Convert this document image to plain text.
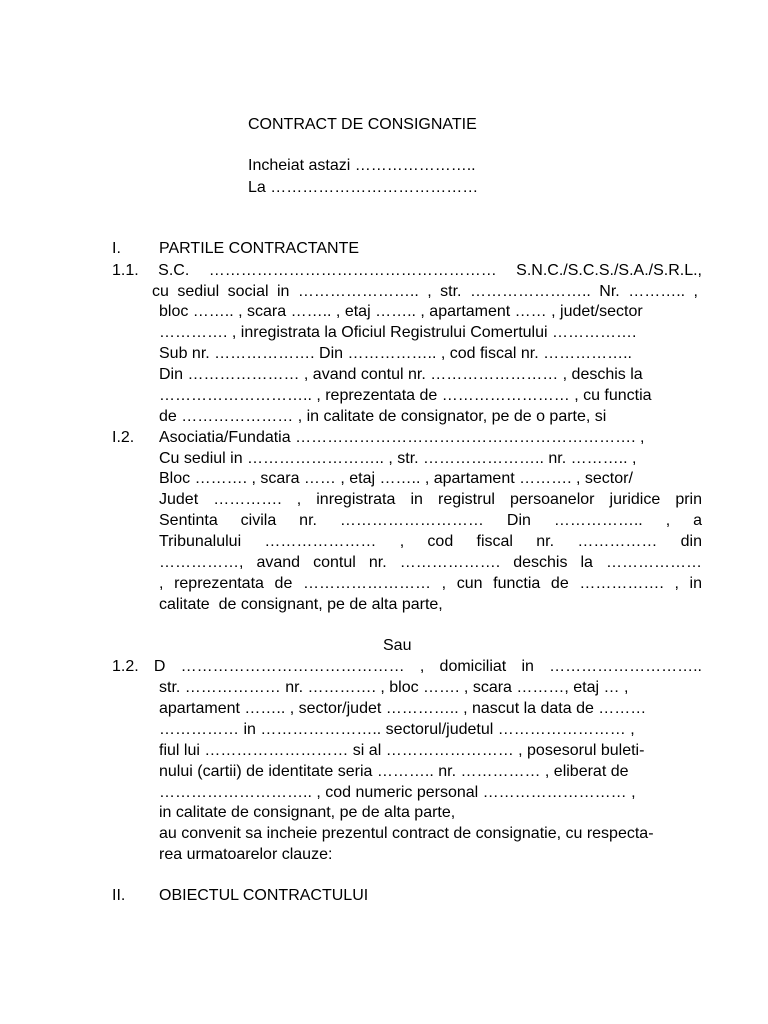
CONTRACT DE CONSIGNATIE
Incheiat astazi …………………..
La …………………………………
I. PARTILE CONTRACTANTE
1.1. S.C. ……………………………………………… S.N.C./S.C.S./S.A./S.R.L.,
cu sediul social in ………………….. , str. ………………….. Nr. ……….. ,
bloc …….. , scara …….. , etaj …….. , apartament …… , judet/sector
…………. , inregistrata la Oficiul Registrului Comertului …………….
Sub nr. ………………. Din …………….. , cod fiscal nr. ……………..
Din ………………… , avand contul nr. …………………… , deschis la
……………………….. , reprezentata de …………………… , cu functia
de ………………… , in calitate de consignator, pe de o parte, si
I.2. Asociatia/Fundatia ………………………………………………………. ,
Cu sediul in …………………….. , str. ………………….. nr. ……….. ,
Bloc ………. , scara …… , etaj …….. , apartament ………. , sector/
Judet …………. , inregistrata in registrul persoanelor juridice prin
Sentinta civila nr. ……………………… Din …………….. , a
Tribunalului ………………… , cod fiscal nr. …………… din
……………, avand contul nr. ………………. deschis la ………………
, reprezentata de …………………… , cun functia de ……………. , in
calitate  de consignant, pe de alta parte,
Sau
1.2. D …………………………………… , domiciliat in ………………………..
str. ……………… nr. …………. , bloc ……. , scara ………, etaj … ,
apartament …….. , sector/judet ………….. , nascut la data de ………
…………… in ………………….. sectorul/judetul …………………… ,
fiul lui ……………………… si al …………………… , posesorul buleti-
nului (cartii) de identitate seria ……….. nr. …………… , eliberat de
……………………….. , cod numeric personal ……………………… ,
in calitate de consignant, pe de alta parte,
au convenit sa incheie prezentul contract de consignatie, cu respecta-
rea urmatoarelor clauze:
II. OBIECTUL CONTRACTULUI
